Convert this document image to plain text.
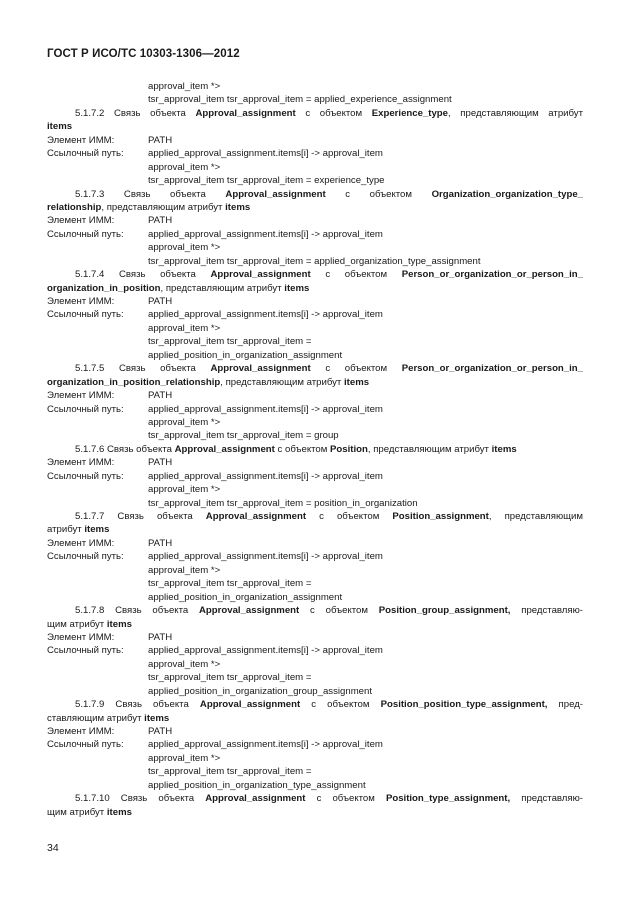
ГОСТ Р ИСО/ТС 10303-1306—2012
approval_item *>
tsr_approval_item tsr_approval_item = applied_experience_assignment
5.1.7.2 Связь объекта Approval_assignment с объектом Experience_type, представляющим атрибут
items
Элемент ИММ:	PATH
Ссылочный путь:	applied_approval_assignment.items[i] -> approval_item
approval_item *>
tsr_approval_item tsr_approval_item = experience_type
5.1.7.3 Связь объекта Approval_assignment с объектом Organization_organization_type_
relationship, представляющим атрибут items
Элемент ИММ:	PATH
Ссылочный путь:	applied_approval_assignment.items[i] -> approval_item
approval_item *>
tsr_approval_item tsr_approval_item = applied_organization_type_assignment
5.1.7.4 Связь объекта Approval_assignment с объектом Person_or_organization_or_person_in_
organization_in_position, представляющим атрибут items
Элемент ИММ:	PATH
Ссылочный путь:	applied_approval_assignment.items[i] -> approval_item
approval_item *>
tsr_approval_item tsr_approval_item =
applied_position_in_organization_assignment
5.1.7.5 Связь объекта Approval_assignment с объектом Person_or_organization_or_person_in_
organization_in_position_relationship, представляющим атрибут items
Элемент ИММ:	PATH
Ссылочный путь:	applied_approval_assignment.items[i] -> approval_item
approval_item *>
tsr_approval_item tsr_approval_item = group
5.1.7.6 Связь объекта Approval_assignment с объектом Position, представляющим атрибут items
Элемент ИММ:	PATH
Ссылочный путь:	applied_approval_assignment.items[i] -> approval_item
approval_item *>
tsr_approval_item tsr_approval_item = position_in_organization
5.1.7.7 Связь объекта Approval_assignment с объектом Position_assignment, представляющим
атрибут items
Элемент ИММ:	PATH
Ссылочный путь:	applied_approval_assignment.items[i] -> approval_item
approval_item *>
tsr_approval_item tsr_approval_item =
applied_position_in_organization_assignment
5.1.7.8 Связь объекта Approval_assignment с объектом Position_group_assignment, представляю-
щим атрибут items
Элемент ИММ:	PATH
Ссылочный путь:	applied_approval_assignment.items[i] -> approval_item
approval_item *>
tsr_approval_item tsr_approval_item =
applied_position_in_organization_group_assignment
5.1.7.9 Связь объекта Approval_assignment с объектом Position_position_type_assignment, пред-
ставляющим атрибут items
Элемент ИММ:	PATH
Ссылочный путь:	applied_approval_assignment.items[i] -> approval_item
approval_item *>
tsr_approval_item tsr_approval_item =
applied_position_in_organization_type_assignment
5.1.7.10 Связь объекта Approval_assignment с объектом Position_type_assignment, представляю-
щим атрибут items
34
